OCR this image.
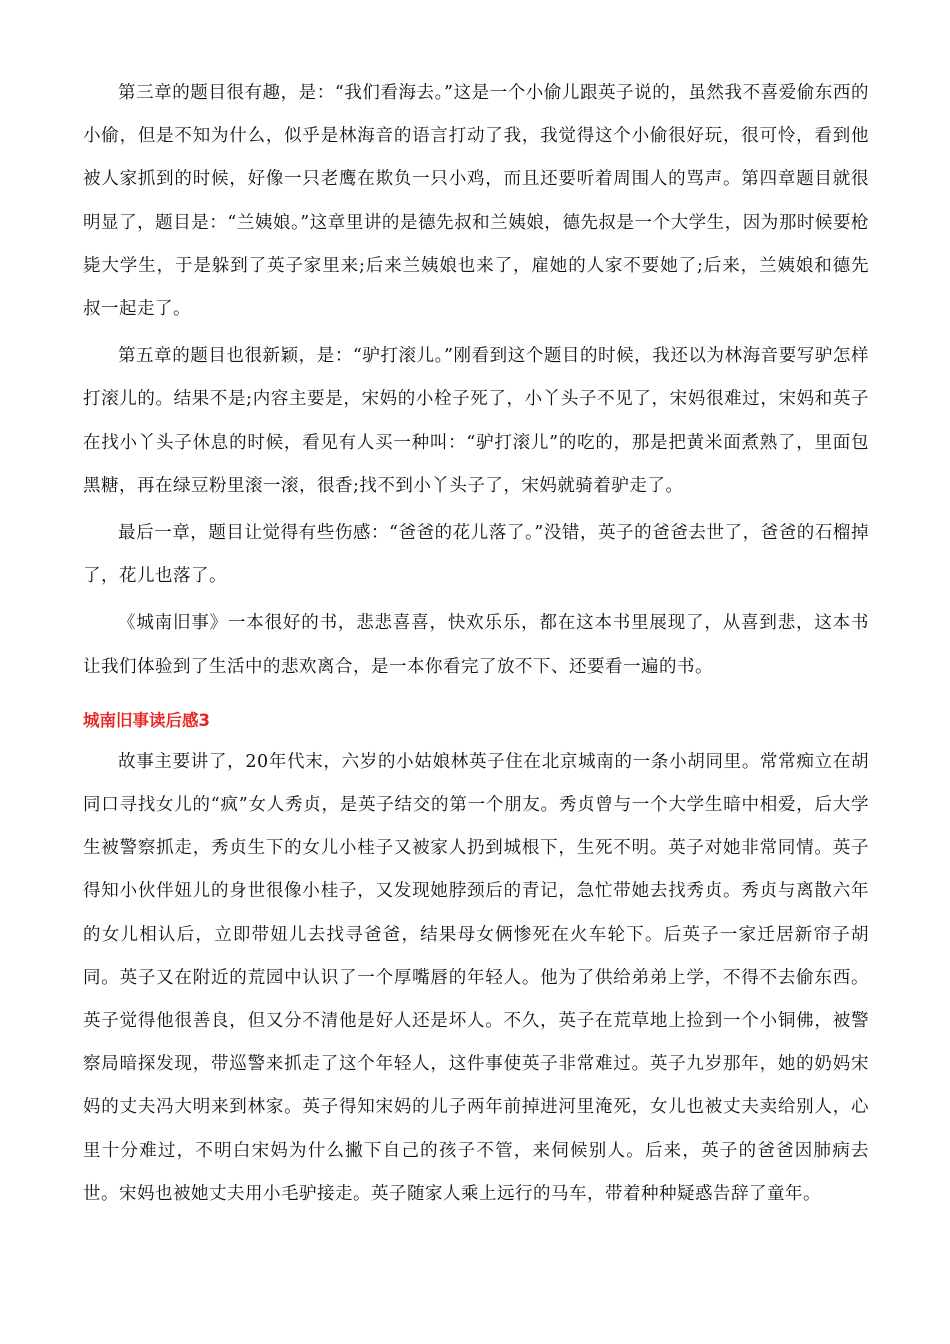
第三章的题目很有趣，是：“我们看海去。”这是一个小偷儿跟英子说的，虽然我不喜爱偷东西的小偷，但是不知为什么，似乎是林海音的语言打动了我，我觉得这个小偷很好玩，很可怜，看到他被人家抓到的时候，好像一只老鹰在欺负一只小鸡，而且还要听着周围人的骂声。第四章题目就很明显了，题目是：“兰姨娘。”这章里讲的是德先叔和兰姨娘，德先叔是一个大学生，因为那时候要枪毙大学生，于是躲到了英子家里来;后来兰姨娘也来了，雇她的人家不要她了;后来，兰姨娘和德先叔一起走了。

第五章的题目也很新颖，是：“驴打滚儿。”刚看到这个题目的时候，我还以为林海音要写驴怎样打滚儿的。结果不是;内容主要是，宋妈的小栓子死了，小丫头子不见了，宋妈很难过，宋妈和英子在找小丫头子休息的时候，看见有人买一种叫：“驴打滚儿”的吃的，那是把黄米面煮熟了，里面包黑糖，再在绿豆粉里滚一滚，很香;找不到小丫头子了，宋妈就骑着驴走了。

最后一章，题目让觉得有些伤感：“爸爸的花儿落了。”没错，英子的爸爸去世了，爸爸的石榴掉了，花儿也落了。

《城南旧事》一本很好的书，悲悲喜喜，快欢乐乐，都在这本书里展现了，从喜到悲，这本书让我们体验到了生活中的悲欢离合，是一本你看完了放不下、还要看一遍的书。

城南旧事读后感3

故事主要讲了，20年代末，六岁的小姑娘林英子住在北京城南的一条小胡同里。常常痴立在胡同口寻找女儿的“疯”女人秀贞，是英子结交的第一个朋友。秀贞曾与一个大学生暗中相爱，后大学生被警察抓走，秀贞生下的女儿小桂子又被家人扔到城根下，生死不明。英子对她非常同情。英子得知小伙伴妞儿的身世很像小桂子，又发现她脖颈后的青记，急忙带她去找秀贞。秀贞与离散六年的女儿相认后，立即带妞儿去找寻爸爸，结果母女俩惨死在火车轮下。后英子一家迁居新帘子胡同。英子又在附近的荒园中认识了一个厚嘴唇的年轻人。他为了供给弟弟上学，不得不去偷东西。英子觉得他很善良，但又分不清他是好人还是坏人。不久，英子在荒草地上捡到一个小铜佛，被警察局暗探发现，带巡警来抓走了这个年轻人，这件事使英子非常难过。英子九岁那年，她的奶妈宋妈的丈夫冯大明来到林家。英子得知宋妈的儿子两年前掉进河里淹死，女儿也被丈夫卖给别人，心里十分难过，不明白宋妈为什么撇下自己的孩子不管，来伺候别人。后来，英子的爸爸因肺病去世。宋妈也被她丈夫用小毛驴接走。英子随家人乘上远行的马车，带着种种疑惑告辞了童年。
